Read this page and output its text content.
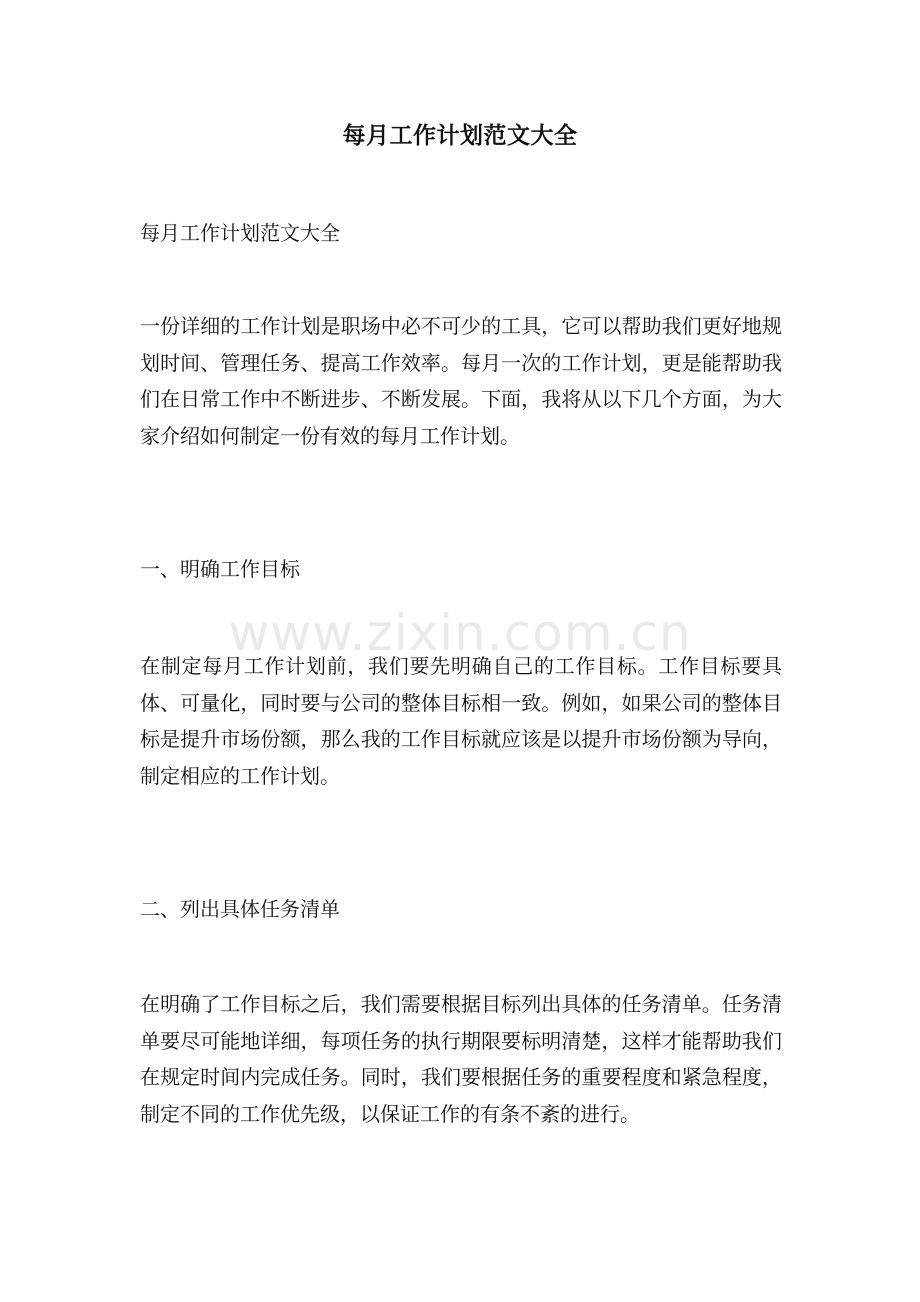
每月工作计划范文大全
每月工作计划范文大全
一份详细的工作计划是职场中必不可少的工具，它可以帮助我们更好地规划时间、管理任务、提高工作效率。每月一次的工作计划，更是能帮助我们在日常工作中不断进步、不断发展。下面，我将从以下几个方面，为大家介绍如何制定一份有效的每月工作计划。
一、明确工作目标
在制定每月工作计划前，我们要先明确自己的工作目标。工作目标要具体、可量化，同时要与公司的整体目标相一致。例如，如果公司的整体目标是提升市场份额，那么我的工作目标就应该是以提升市场份额为导向，制定相应的工作计划。
二、列出具体任务清单
在明确了工作目标之后，我们需要根据目标列出具体的任务清单。任务清单要尽可能地详细，每项任务的执行期限要标明清楚，这样才能帮助我们在规定时间内完成任务。同时，我们要根据任务的重要程度和紧急程度，制定不同的工作优先级，以保证工作的有条不紊的进行。
www.zixin.com.cn
